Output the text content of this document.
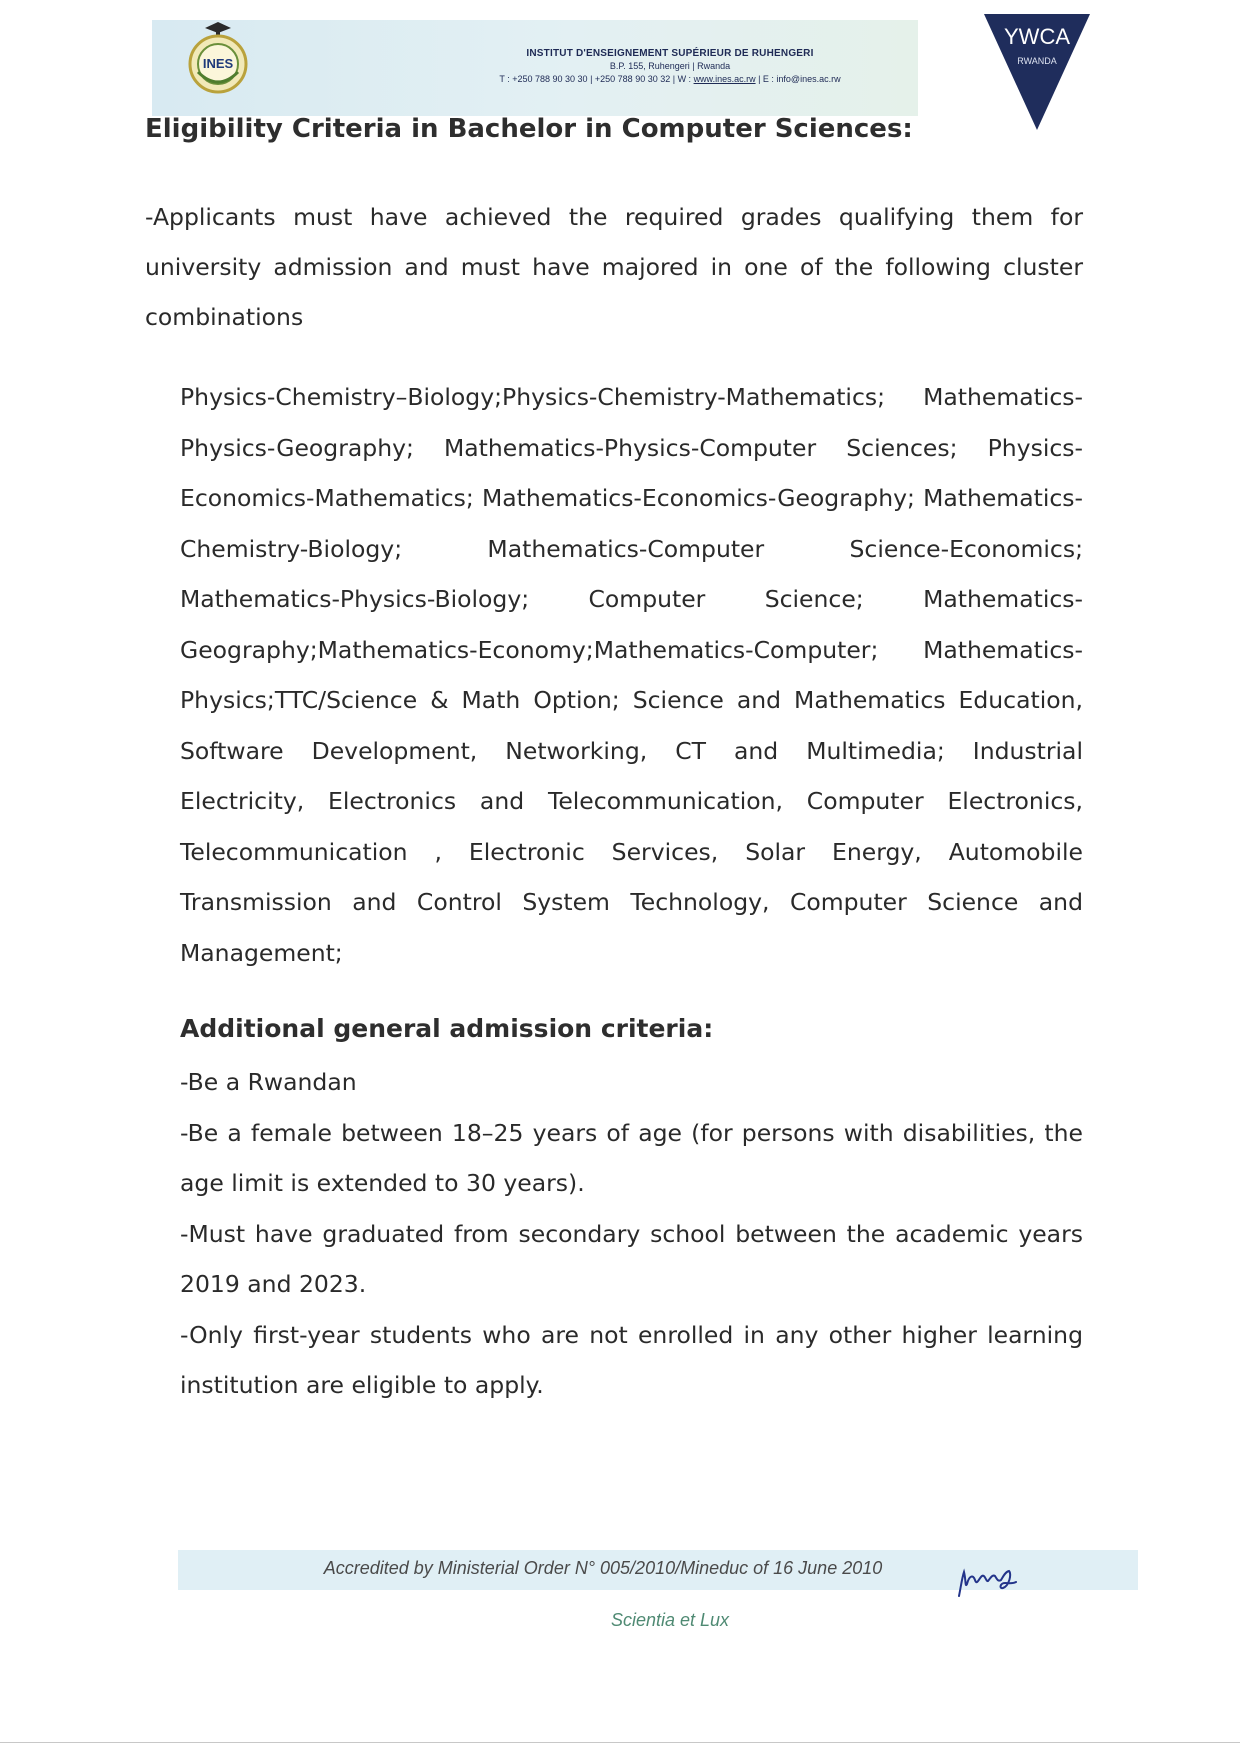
INES
INSTITUT D'ENSEIGNEMENT SUPÉRIEUR DE RUHENGERI
B.P. 155, Ruhengeri | Rwanda
T : +250 788 90 30 30 | +250 788 90 30 32 | W : www.ines.ac.rw | E : info@ines.ac.rw
YWCA
RWANDA
Eligibility Criteria in Bachelor in Computer Sciences:

-Applicants must have achieved the required grades qualifying them for university admission and must have majored in one of the following cluster combinations

Physics-Chemistry–Biology;Physics-Chemistry-Mathematics; Mathematics-Physics-Geography; Mathematics-Physics-Computer Sciences; Physics-Economics-Mathematics; Mathematics-Economics-Geography; Mathematics-Chemistry-Biology; Mathematics-Computer Science-Economics; Mathematics-Physics-Biology; Computer Science; Mathematics-Geography;Mathematics-Economy;Mathematics-Computer; Mathematics-Physics;TTC/Science & Math Option; Science and Mathematics Education, Software Development, Networking, CT and Multimedia; Industrial Electricity, Electronics and Telecommunication, Computer Electronics, Telecommunication , Electronic Services, Solar Energy, Automobile Transmission and Control System Technology, Computer Science and Management;

Additional general admission criteria:

-Be a Rwandan

-Be a female between 18–25 years of age (for persons with disabilities, the age limit is extended to 30 years).

-Must have graduated from secondary school between the academic years 2019 and 2023.

-Only first-year students who are not enrolled in any other higher learning institution are eligible to apply.

Accredited by Ministerial Order N° 005/2010/Mineduc of 16 June 2010
Scientia et Lux
